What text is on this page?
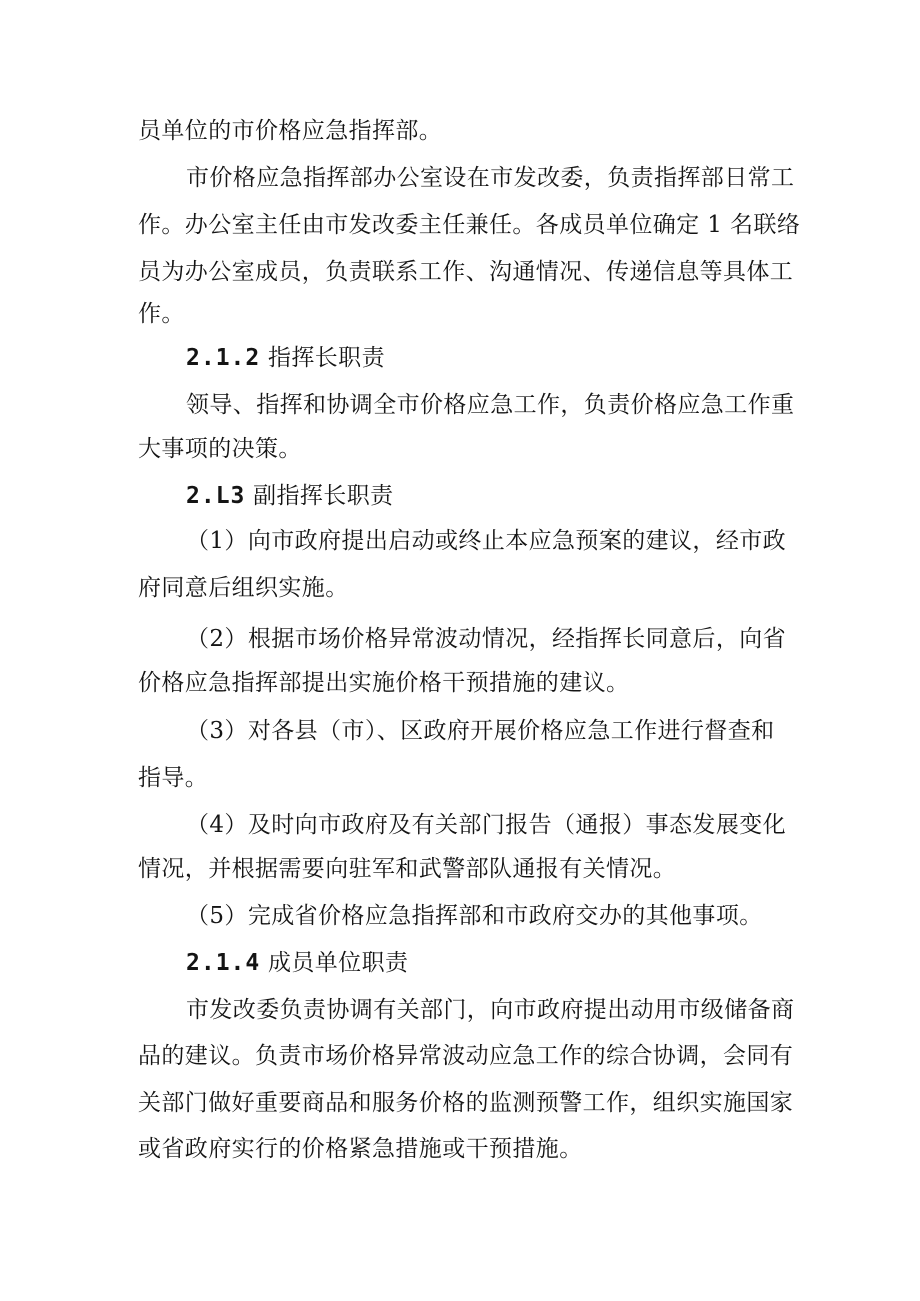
员单位的市价格应急指挥部。
市价格应急指挥部办公室设在市发改委，负责指挥部日常工
作。办公室主任由市发改委主任兼任。各成员单位确定 1 名联络
员为办公室成员，负责联系工作、沟通情况、传递信息等具体工
作。
2.1.2 指挥长职责
领导、指挥和协调全市价格应急工作，负责价格应急工作重
大事项的决策。
2.L3 副指挥长职责
（1）向市政府提出启动或终止本应急预案的建议，经市政
府同意后组织实施。
（2）根据市场价格异常波动情况，经指挥长同意后，向省
价格应急指挥部提出实施价格干预措施的建议。
（3）对各县（市）、区政府开展价格应急工作进行督查和
指导。
（4）及时向市政府及有关部门报告（通报）事态发展变化
情况，并根据需要向驻军和武警部队通报有关情况。
（5）完成省价格应急指挥部和市政府交办的其他事项。
2.1.4 成员单位职责
市发改委负责协调有关部门，向市政府提出动用市级储备商
品的建议。负责市场价格异常波动应急工作的综合协调，会同有
关部门做好重要商品和服务价格的监测预警工作，组织实施国家
或省政府实行的价格紧急措施或干预措施。
